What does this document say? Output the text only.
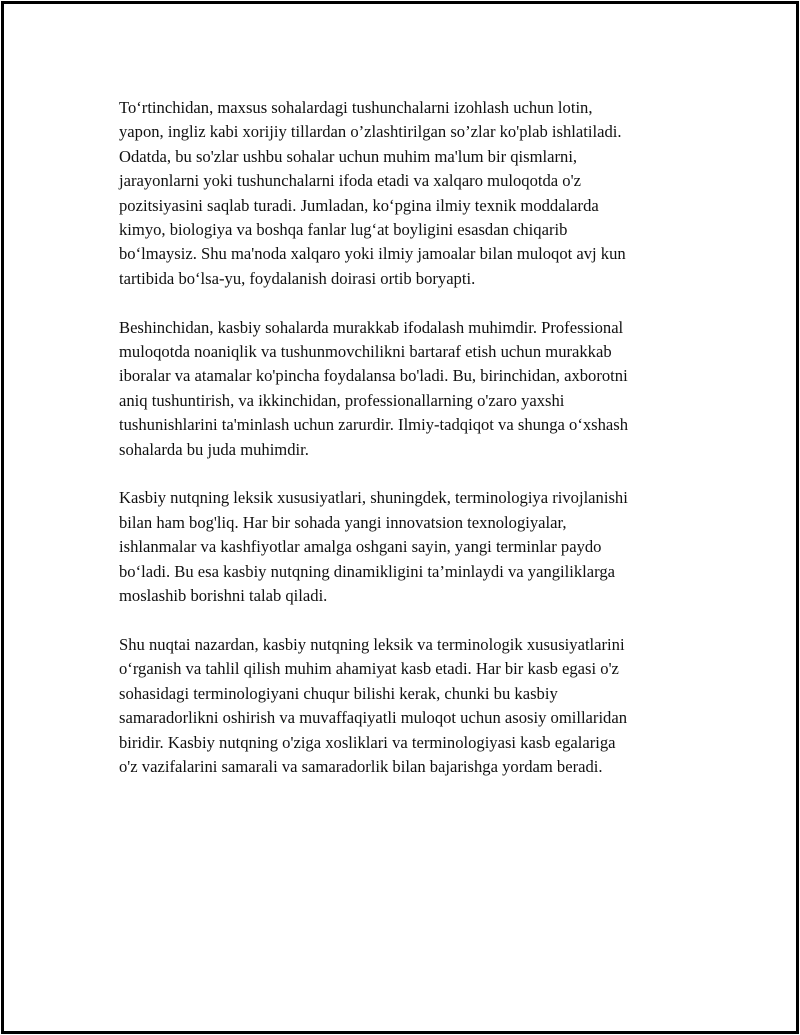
To‘rtinchidan, maxsus sohalardagi tushunchalarni izohlash uchun lotin,
yapon, ingliz kabi xorijiy tillardan o’zlashtirilgan so’zlar ko'plab ishlatiladi.
Odatda, bu so'zlar ushbu sohalar uchun muhim ma'lum bir qismlarni,
jarayonlarni yoki tushunchalarni ifoda etadi va xalqaro muloqotda o'z
pozitsiyasini saqlab turadi. Jumladan, ko‘pgina ilmiy texnik moddalarda
kimyo, biologiya va boshqa fanlar lug‘at boyligini esasdan chiqarib
bo‘lmaysiz. Shu ma'noda xalqaro yoki ilmiy jamoalar bilan muloqot avj kun
tartibida bo‘lsa-yu, foydalanish doirasi ortib boryapti.
Beshinchidan, kasbiy sohalarda murakkab ifodalash muhimdir. Professional
muloqotda noaniqlik va tushunmovchilikni bartaraf etish uchun murakkab
iboralar va atamalar ko'pincha foydalansa bo'ladi. Bu, birinchidan, axborotni
aniq tushuntirish, va ikkinchidan, professionallarning o'zaro yaxshi
tushunishlarini ta'minlash uchun zarurdir. Ilmiy-tadqiqot va shunga o‘xshash
sohalarda bu juda muhimdir.
Kasbiy nutqning leksik xususiyatlari, shuningdek, terminologiya rivojlanishi
bilan ham bog'liq. Har bir sohada yangi innovatsion texnologiyalar,
ishlanmalar va kashfiyotlar amalga oshgani sayin, yangi terminlar paydo
bo‘ladi. Bu esa kasbiy nutqning dinamikligini ta’minlaydi va yangiliklarga
moslashib borishni talab qiladi.
Shu nuqtai nazardan, kasbiy nutqning leksik va terminologik xususiyatlarini
o‘rganish va tahlil qilish muhim ahamiyat kasb etadi. Har bir kasb egasi o'z
sohasidagi terminologiyani chuqur bilishi kerak, chunki bu kasbiy
samaradorlikni oshirish va muvaffaqiyatli muloqot uchun asosiy omillaridan
biridir. Kasbiy nutqning o'ziga xosliklari va terminologiyasi kasb egalariga
o'z vazifalarini samarali va samaradorlik bilan bajarishga yordam beradi.
